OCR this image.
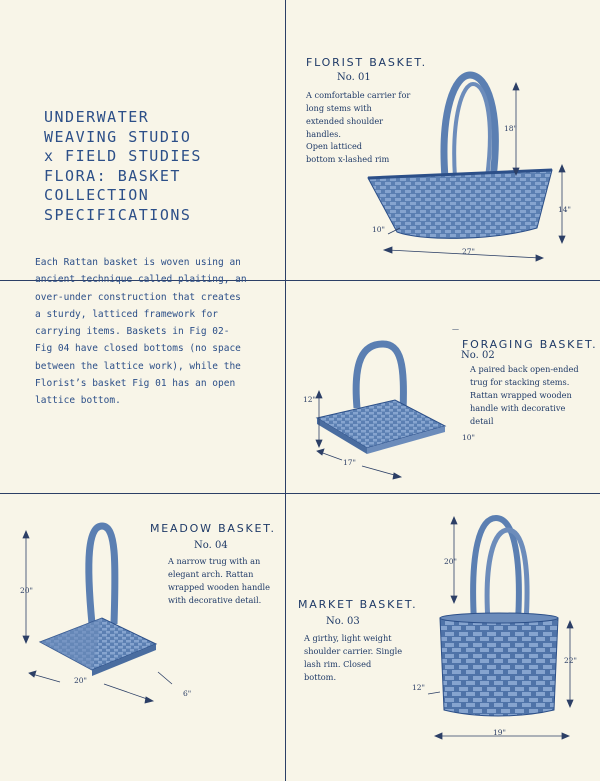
UNDERWATER
WEAVING STUDIO
x FIELD STUDIES
FLORA: BASKET
COLLECTION
SPECIFICATIONS
Each Rattan basket is woven using an ancient technique called plaiting, an over-under construction that creates a sturdy, latticed framework for carrying items. Baskets in Fig 02- Fig 04 have closed bottoms (no space between the lattice work), while the Florist’s basket Fig 01 has an open lattice bottom.
FLORIST BASKET.
No. 01
A comfortable carrier for long stems with extended shoulder handles.
Open latticed bottom x-lashed rim
18"
14"
10"
27"
—
FORAGING BASKET.
No. 02
A paired back open-ended trug for stacking stems. Rattan wrapped wooden handle with decorative detail
12"
17"
10"
MEADOW BASKET.
No. 04
A narrow trug with an elegant arch. Rattan wrapped wooden handle with decorative detail.
20"
20"
6"
MARKET BASKET.
No. 03
A girthy, light weight shoulder carrier. Single lash rim. Closed bottom.
20"
22"
12"
19"
